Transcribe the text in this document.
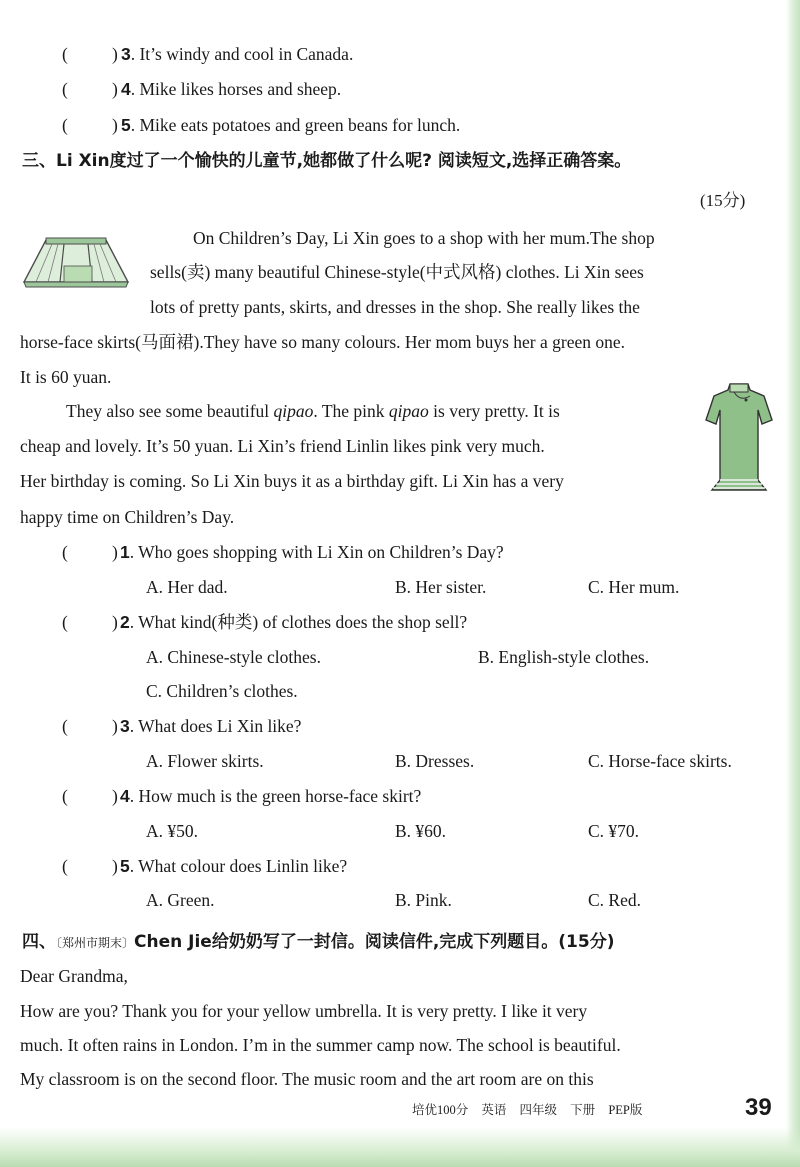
(	) 3. It’s windy and cool in Canada.
(	) 4. Mike likes horses and sheep.
(	) 5. Mike eats potatoes and green beans for lunch.
三、Li Xin度过了一个愉快的儿童节,她都做了什么呢? 阅读短文,选择正确答案。
(15分)
On Children’s Day, Li Xin goes to a shop with her mum.The shop
sells(卖) many beautiful Chinese-style(中式风格) clothes. Li Xin sees
lots of pretty pants, skirts, and dresses in the shop. She really likes the
horse-face skirts(马面裙).They have so many colours. Her mom buys her a green one.
It is 60 yuan.
They also see some beautiful qipao. The pink qipao is very pretty. It is
cheap and lovely. It’s 50 yuan. Li Xin’s friend Linlin likes pink very much.
Her birthday is coming. So Li Xin buys it as a birthday gift. Li Xin has a very
happy time on Children’s Day.
(	) 1. Who goes shopping with Li Xin on Children’s Day?
A. Her dad.	B. Her sister.	C. Her mum.
(	) 2. What kind(种类) of clothes does the shop sell?
A. Chinese-style clothes.	B. English-style clothes.
C. Children’s clothes.
(	) 3. What does Li Xin like?
A. Flower skirts.	B. Dresses.	C. Horse-face skirts.
(	) 4. How much is the green horse-face skirt?
A. ¥50.	B. ¥60.	C. ¥70.
(	) 5. What colour does Linlin like?
A. Green.	B. Pink.	C. Red.
四、〔郑州市期末〕Chen Jie给奶奶写了一封信。阅读信件,完成下列题目。(15分)
Dear Grandma,
How are you? Thank you for your yellow umbrella. It is very pretty. I like it very
much. It often rains in London. I’m in the summer camp now. The school is beautiful.
My classroom is on the second floor. The music room and the art room are on this
培优100分 英语 四年级 下册 PEP版	39
